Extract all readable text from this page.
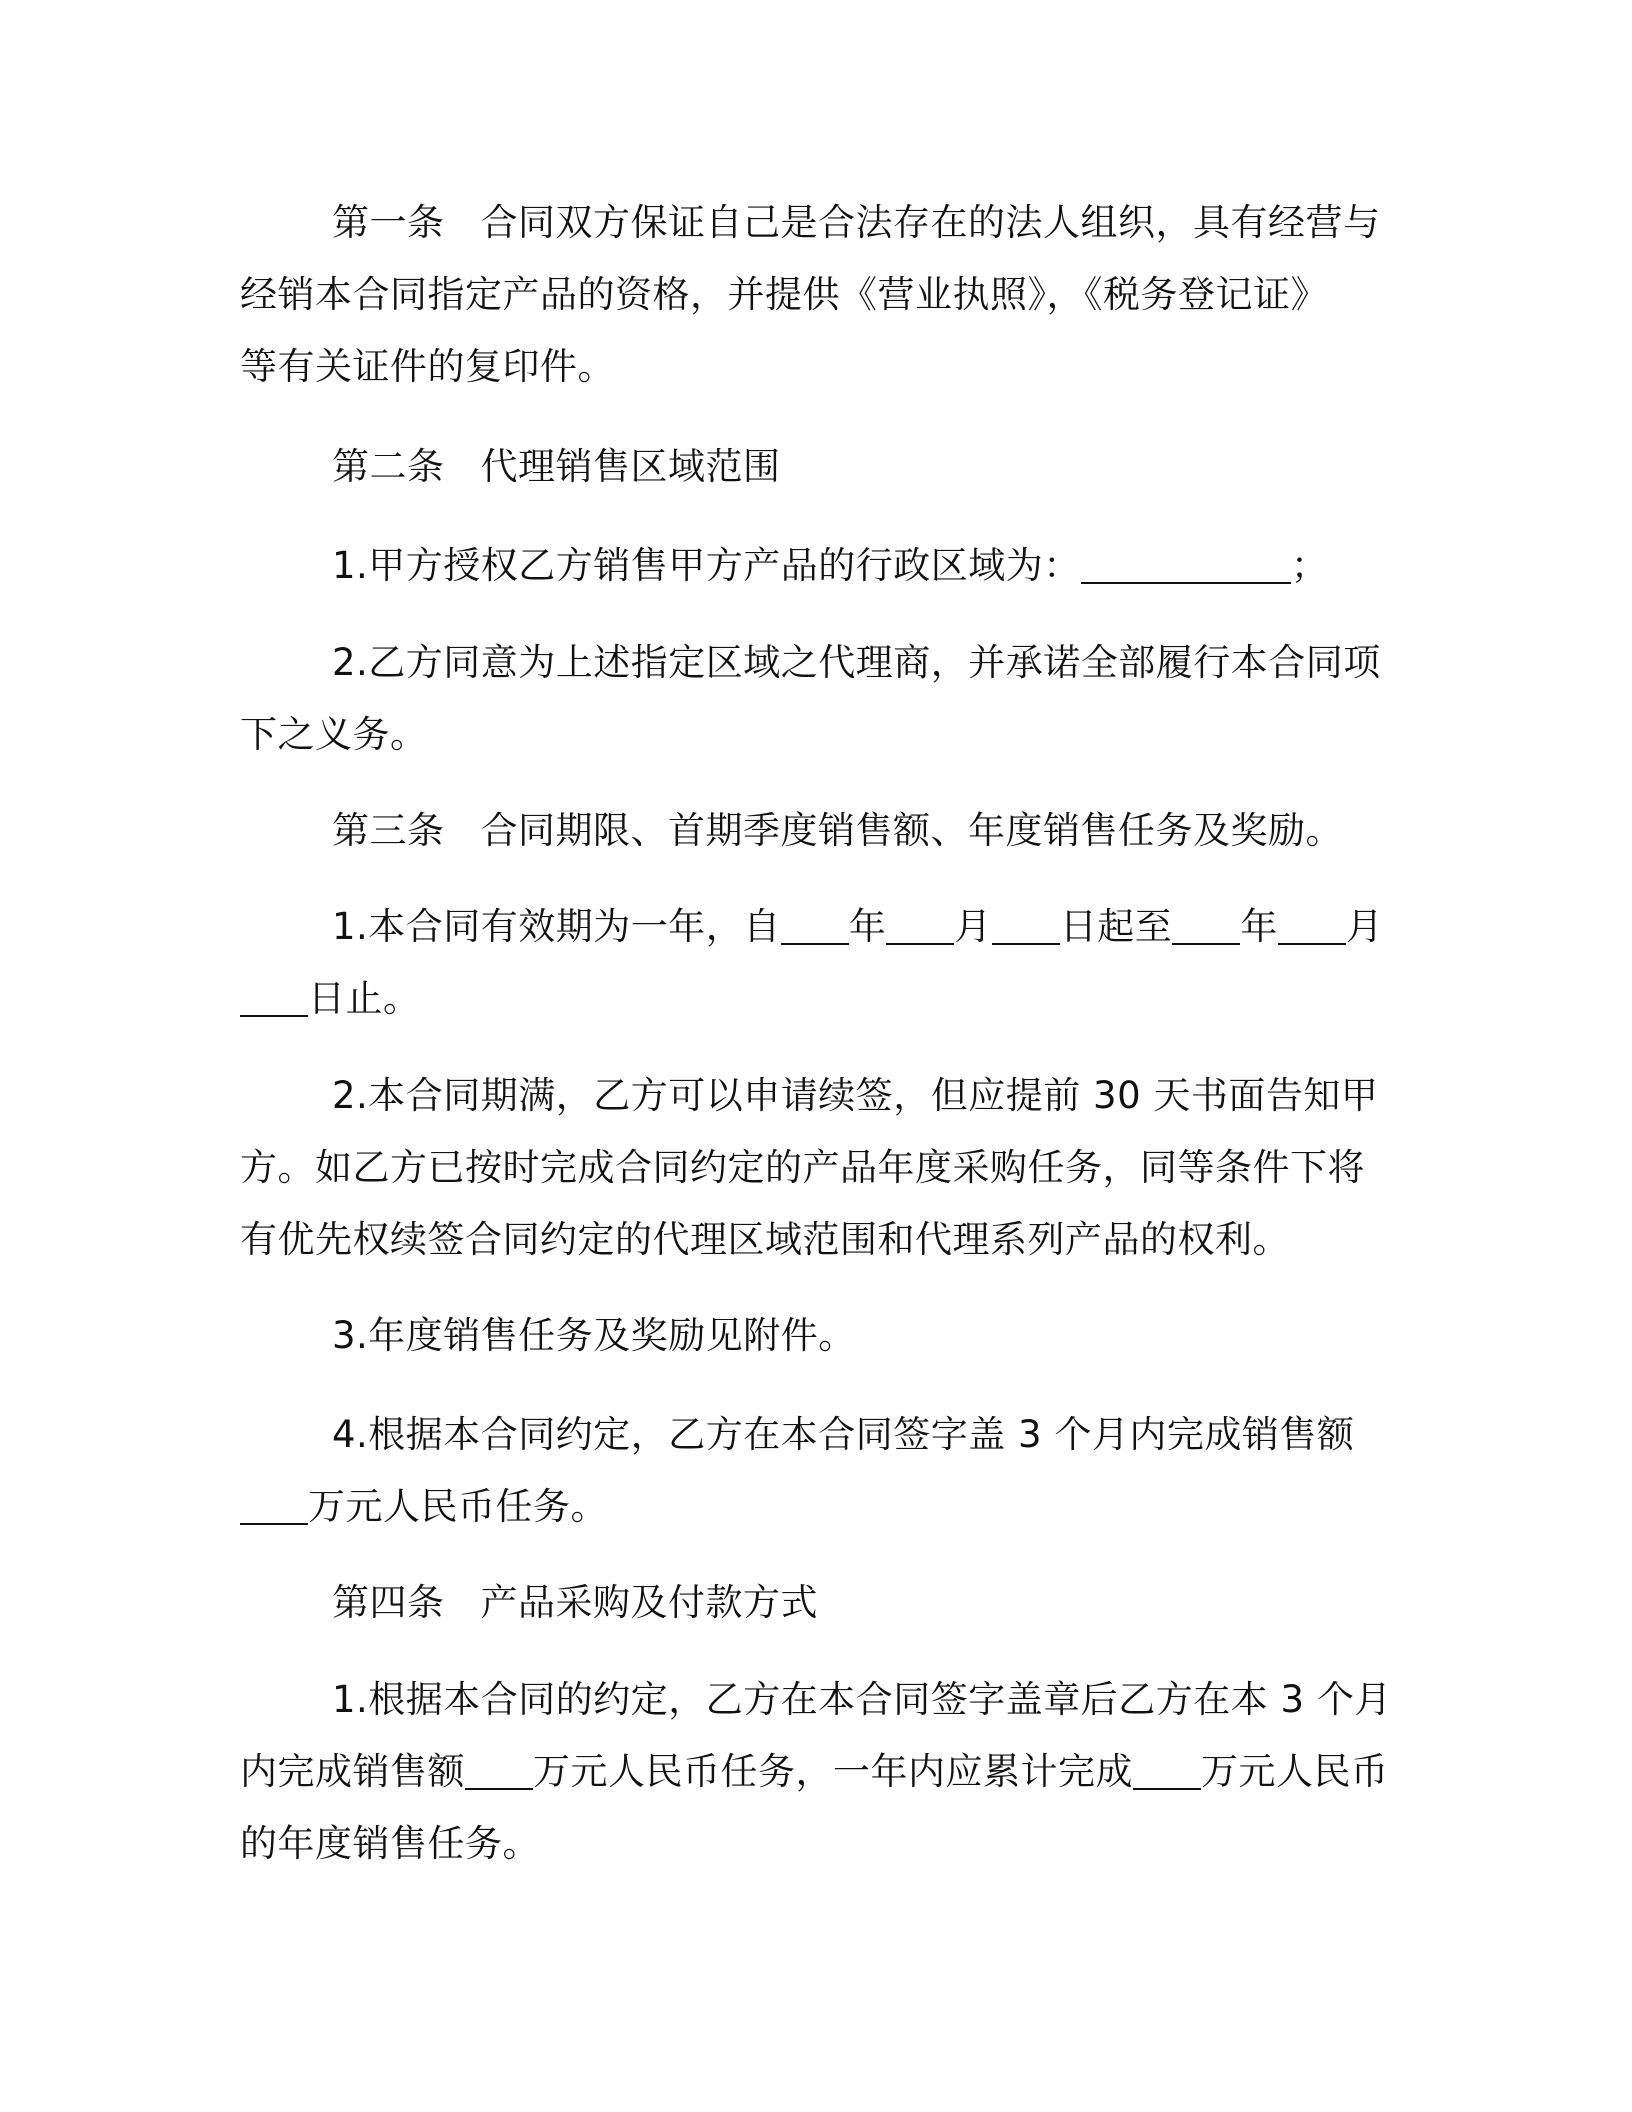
第一条 合同双方保证自己是合法存在的法人组织，具有经营与
经销本合同指定产品的资格，并提供《营业执照》，《税务登记证》
等有关证件的复印件。
第二条 代理销售区域范围
1.甲方授权乙方销售甲方产品的行政区域为：	；
2.乙方同意为上述指定区域之代理商，并承诺全部履行本合同项
下之义务。
第三条 合同期限、首期季度销售额、年度销售任务及奖励。
1.本合同有效期为一年，自 年 月 日起至 年 月
日止。
2.本合同期满，乙方可以申请续签，但应提前 30 天书面告知甲
方。如乙方已按时完成合同约定的产品年度采购任务，同等条件下将
有优先权续签合同约定的代理区域范围和代理系列产品的权利。
3.年度销售任务及奖励见附件。
4.根据本合同约定，乙方在本合同签字盖 3 个月内完成销售额
万元人民币任务。
第四条 产品采购及付款方式
1.根据本合同的约定，乙方在本合同签字盖章后乙方在本 3 个月
内完成销售额 万元人民币任务，一年内应累计完成 万元人民币
的年度销售任务。
